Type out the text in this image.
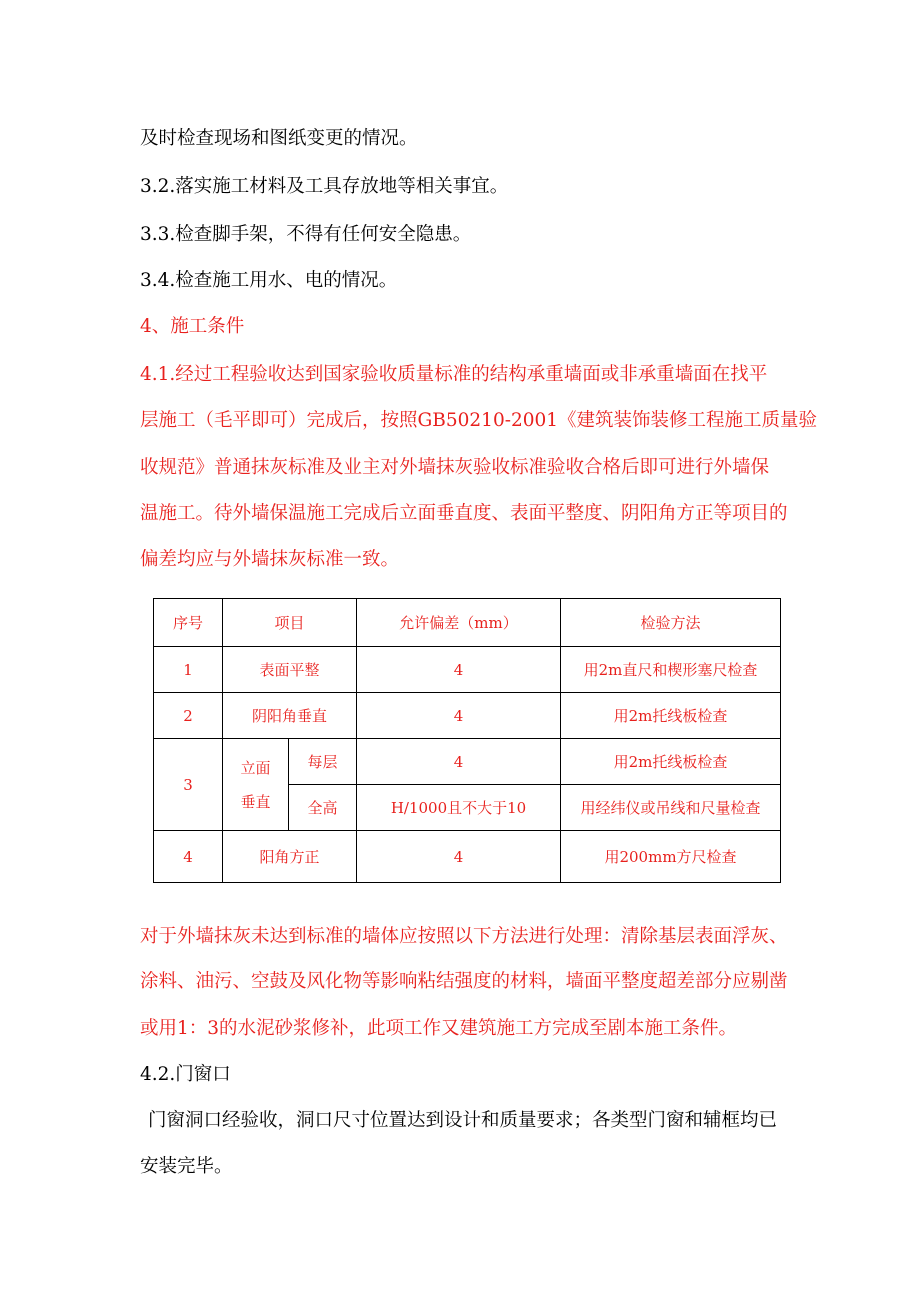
及时检查现场和图纸变更的情况。
3.2.落实施工材料及工具存放地等相关事宜。
3.3.检查脚手架，不得有任何安全隐患。
3.4.检查施工用水、电的情况。
4、施工条件
4.1.经过工程验收达到国家验收质量标准的结构承重墙面或非承重墙面在找平
层施工（毛平即可）完成后，按照GB50210-2001《建筑装饰装修工程施工质量验
收规范》普通抹灰标准及业主对外墙抹灰验收标准验收合格后即可进行外墙保
温施工。待外墙保温施工完成后立面垂直度、表面平整度、阴阳角方正等项目的
偏差均应与外墙抹灰标准一致。
序号	项目		允许偏差（mm）	检验方法
1	表面平整		4	用2m直尺和楔形塞尺检查
2	阴阳角垂直		4	用2m托线板检查
3	立面
垂直	每层	4	用2m托线板检查
		全高	H/1000且不大于10	用经纬仪或吊线和尺量检查
4	阳角方正		4	用200mm方尺检查
对于外墙抹灰未达到标准的墙体应按照以下方法进行处理：清除基层表面浮灰、
涂料、油污、空鼓及风化物等影响粘结强度的材料，墙面平整度超差部分应剔凿
或用1：3的水泥砂浆修补，此项工作又建筑施工方完成至剧本施工条件。
4.2.门窗口
门窗洞口经验收，洞口尺寸位置达到设计和质量要求；各类型门窗和辅框均已
安装完毕。
